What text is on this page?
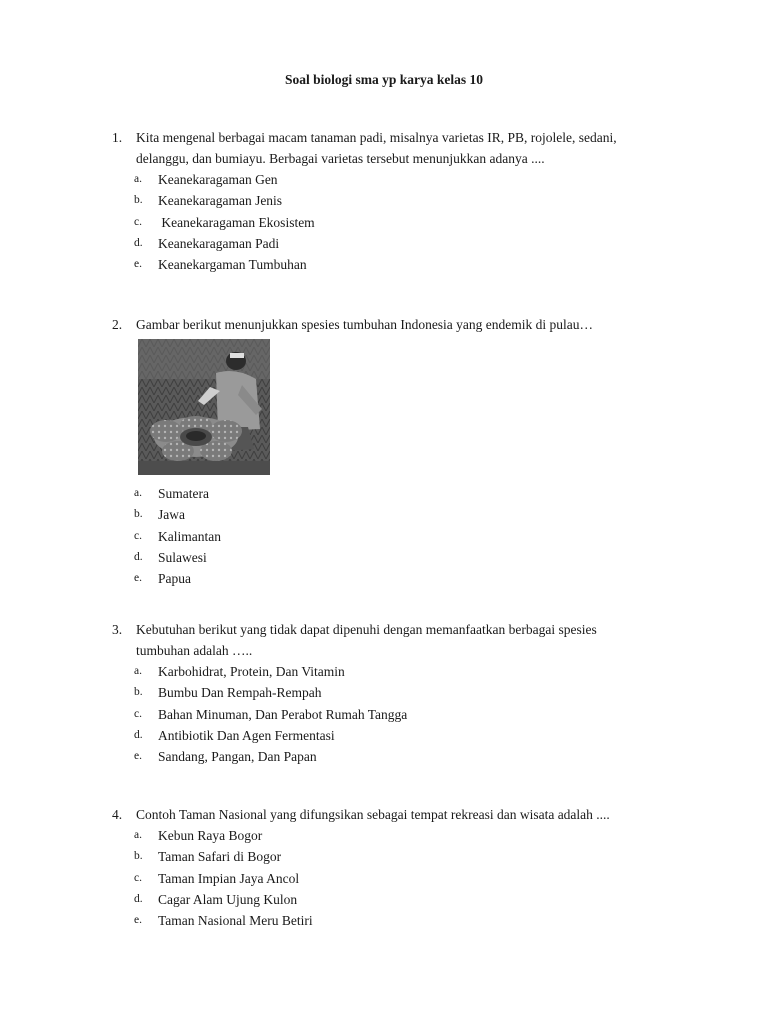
Soal biologi sma yp karya kelas 10
1.	Kita mengenal berbagai macam tanaman padi, misalnya varietas IR, PB, rojolele, sedani,
delanggu, dan bumiayu. Berbagai varietas tersebut menunjukkan adanya ....
a.	Keanekaragaman Gen
b.	Keanekaragaman Jenis
c.	Keanekaragaman Ekosistem
d.	Keanekaragaman Padi
e.	Keanekargaman Tumbuhan
2.	Gambar berikut menunjukkan spesies tumbuhan Indonesia yang endemik di pulau…
a.	Sumatera
b.	Jawa
c.	Kalimantan
d.	Sulawesi
e.	Papua
3.	Kebutuhan berikut yang tidak dapat dipenuhi dengan memanfaatkan berbagai spesies
tumbuhan adalah …..
a.	Karbohidrat, Protein, Dan Vitamin
b.	Bumbu Dan Rempah-Rempah
c.	Bahan Minuman, Dan Perabot Rumah Tangga
d.	Antibiotik Dan Agen Fermentasi
e.	Sandang, Pangan, Dan Papan
4.	Contoh Taman Nasional yang difungsikan sebagai tempat rekreasi dan wisata adalah ....
a.	Kebun Raya Bogor
b.	Taman Safari di Bogor
c.	Taman Impian Jaya Ancol
d.	Cagar Alam Ujung Kulon
e.	Taman Nasional Meru Betiri
